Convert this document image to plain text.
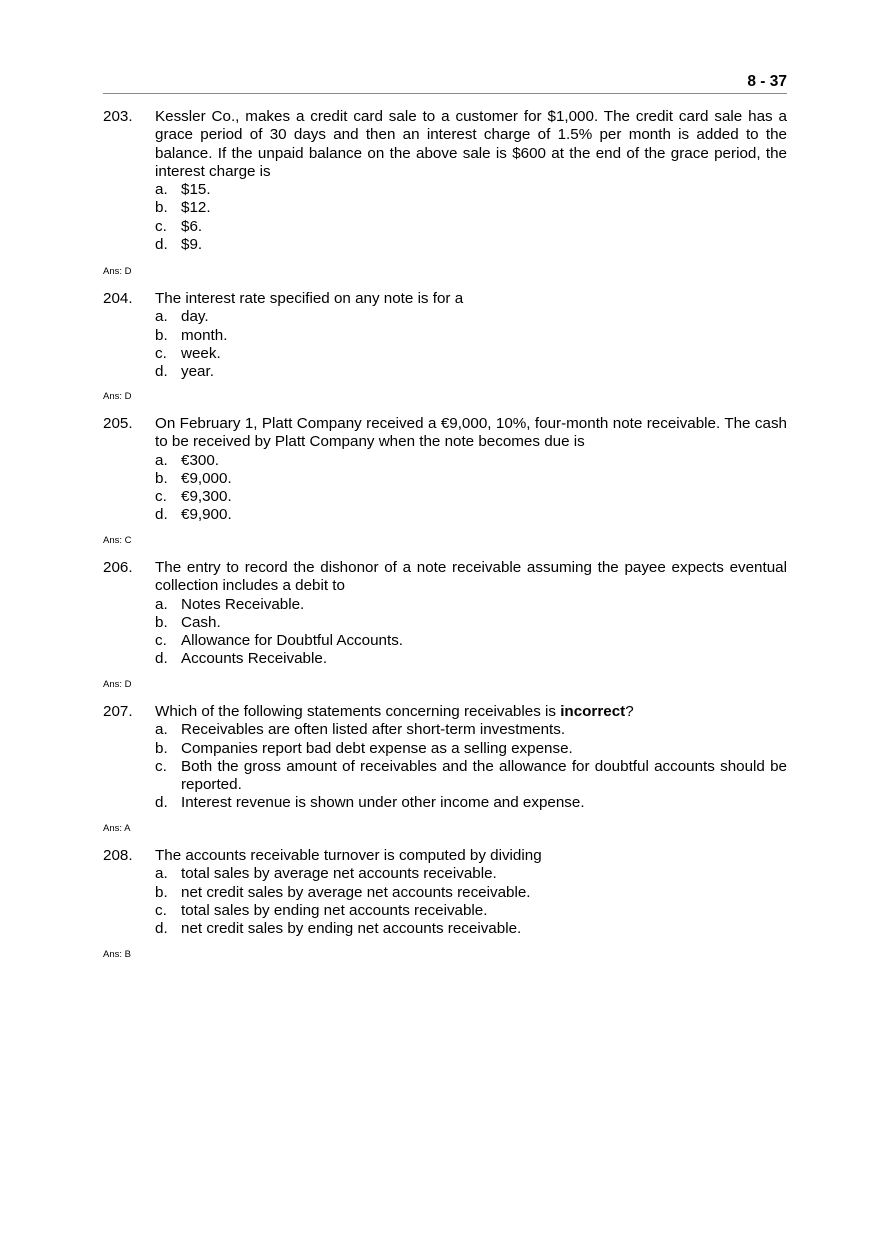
8 - 37
203. Kessler Co., makes a credit card sale to a customer for $1,000. The credit card sale has a grace period of 30 days and then an interest charge of 1.5% per month is added to the balance. If the unpaid balance on the above sale is $600 at the end of the grace period, the interest charge is
a. $15.
b. $12.
c. $6.
d. $9.
Ans: D
204. The interest rate specified on any note is for a
a. day.
b. month.
c. week.
d. year.
Ans: D
205. On February 1, Platt Company received a €9,000, 10%, four-month note receivable. The cash to be received by Platt Company when the note becomes due is
a. €300.
b. €9,000.
c. €9,300.
d. €9,900.
Ans: C
206. The entry to record the dishonor of a note receivable assuming the payee expects eventual collection includes a debit to
a. Notes Receivable.
b. Cash.
c. Allowance for Doubtful Accounts.
d. Accounts Receivable.
Ans: D
207. Which of the following statements concerning receivables is incorrect?
a. Receivables are often listed after short-term investments.
b. Companies report bad debt expense as a selling expense.
c. Both the gross amount of receivables and the allowance for doubtful accounts should be reported.
d. Interest revenue is shown under other income and expense.
Ans: A
208. The accounts receivable turnover is computed by dividing
a. total sales by average net accounts receivable.
b. net credit sales by average net accounts receivable.
c. total sales by ending net accounts receivable.
d. net credit sales by ending net accounts receivable.
Ans: B
